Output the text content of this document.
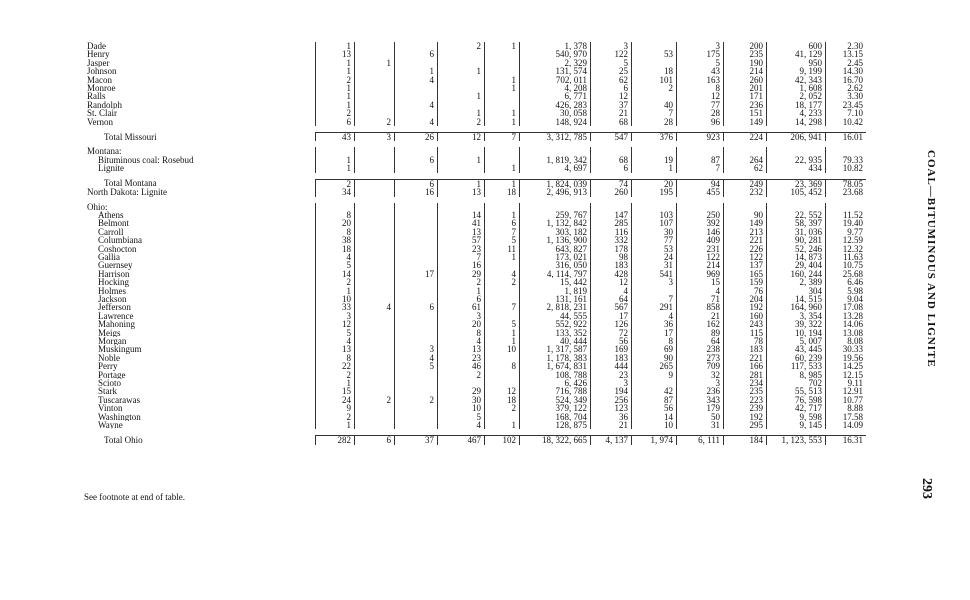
Dade	1			2	1	1, 378	3		3	200	600	2.30
Henry	13		6			540, 970	122	53	175	235	41, 129	13.15
Jasper	1	1				2, 329	5		5	190	950	2.45
Johnson	1		1	1		131, 574	25	18	43	214	9, 199	14.30
Macon	2		4		1	702, 011	62	101	163	260	42, 343	16.70
Monroe	1				1	4, 208	6	2	8	201	1, 608	2.62
Ralls	1			1		6, 771	12		12	171	2, 052	3.30
Randolph	1		4			426, 283	37	40	77	236	18, 177	23.45
St. Clair	2			1	1	30, 058	21	7	28	151	4, 233	7.10
Vernon	6	2	4	2	1	148, 924	68	28	96	149	14, 298	10.42

Total Missouri	43	3	26	12	7	3, 312, 785	547	376	923	224	206, 941	16.01

Montana:												
Bituminous coal: Rosebud	1		6	1		1, 819, 342	68	19	87	264	22, 935	79.33
Lignite	1				1	4, 697	6	1	7	62	434	10.82

Total Montana	2		6	1	1	1, 824, 039	74	20	94	249	23, 369	78.05
North Dakota: Lignite	34		16	13	18	2, 496, 913	260	195	455	232	105, 452	23.68

Ohio:												
Athens	8			14	1	259, 767	147	103	250	90	22, 552	11.52
Belmont	20			41	6	1, 132, 842	285	107	392	149	58, 397	19.40
Carroll	8			13	7	303, 182	116	30	146	213	31, 036	9.77
Columbiana	38			57	5	1, 136, 900	332	77	409	221	90, 281	12.59
Coshocton	18			23	11	643, 827	178	53	231	226	52, 246	12.32
Gallia	4			7	1	173, 021	98	24	122	122	14, 873	11.63
Guernsey	5			16		316, 050	183	31	214	137	29, 404	10.75
Harrison	14		17	29	4	4, 114, 797	428	541	969	165	160, 244	25.68
Hocking	2			2	2	15, 442	12	3	15	159	2, 389	6.46
Holmes	1			1		1, 819	4		4	76	304	5.98
Jackson	10			6		131, 161	64	7	71	204	14, 515	9.04
Jefferson	33	4	6	61	7	2, 818, 231	567	291	858	192	164, 960	17.08
Lawrence	3			3		44, 555	17	4	21	160	3, 354	13.28
Mahoning	12			20	5	552, 922	126	36	162	243	39, 322	14.06
Meigs	5			8	1	133, 352	72	17	89	115	10, 194	13.08
Morgan	4			4	1	40, 444	56	8	64	78	5, 007	8.08
Muskingum	13		3	13	10	1, 317, 587	169	69	238	183	43, 445	30.33
Noble	8		4	23		1, 178, 383	183	90	273	221	60, 239	19.56
Perry	22		5	46	8	1, 674, 831	444	265	709	166	117, 533	14.25
Portage	2			2		108, 788	23	9	32	281	8, 985	12.15
Scioto	1					6, 426	3		3	234	702	9.11
Stark	15			29	12	716, 788	194	42	236	235	55, 513	12.91
Tuscarawas	24	2	2	30	18	524, 349	256	87	343	223	76, 598	10.77
Vinton	9			10	2	379, 122	123	56	179	239	42, 717	8.88
Washington	2			5		168, 704	36	14	50	192	9, 598	17.58
Wayne	1			4	1	128, 875	21	10	31	295	9, 145	14.09

Total Ohio	282	6	37	467	102	18, 322, 665	4, 137	1, 974	6, 111	184	1, 123, 553	16.31
COAL—BITUMINOUS AND LIGNITE
293
See footnote at end of table.
